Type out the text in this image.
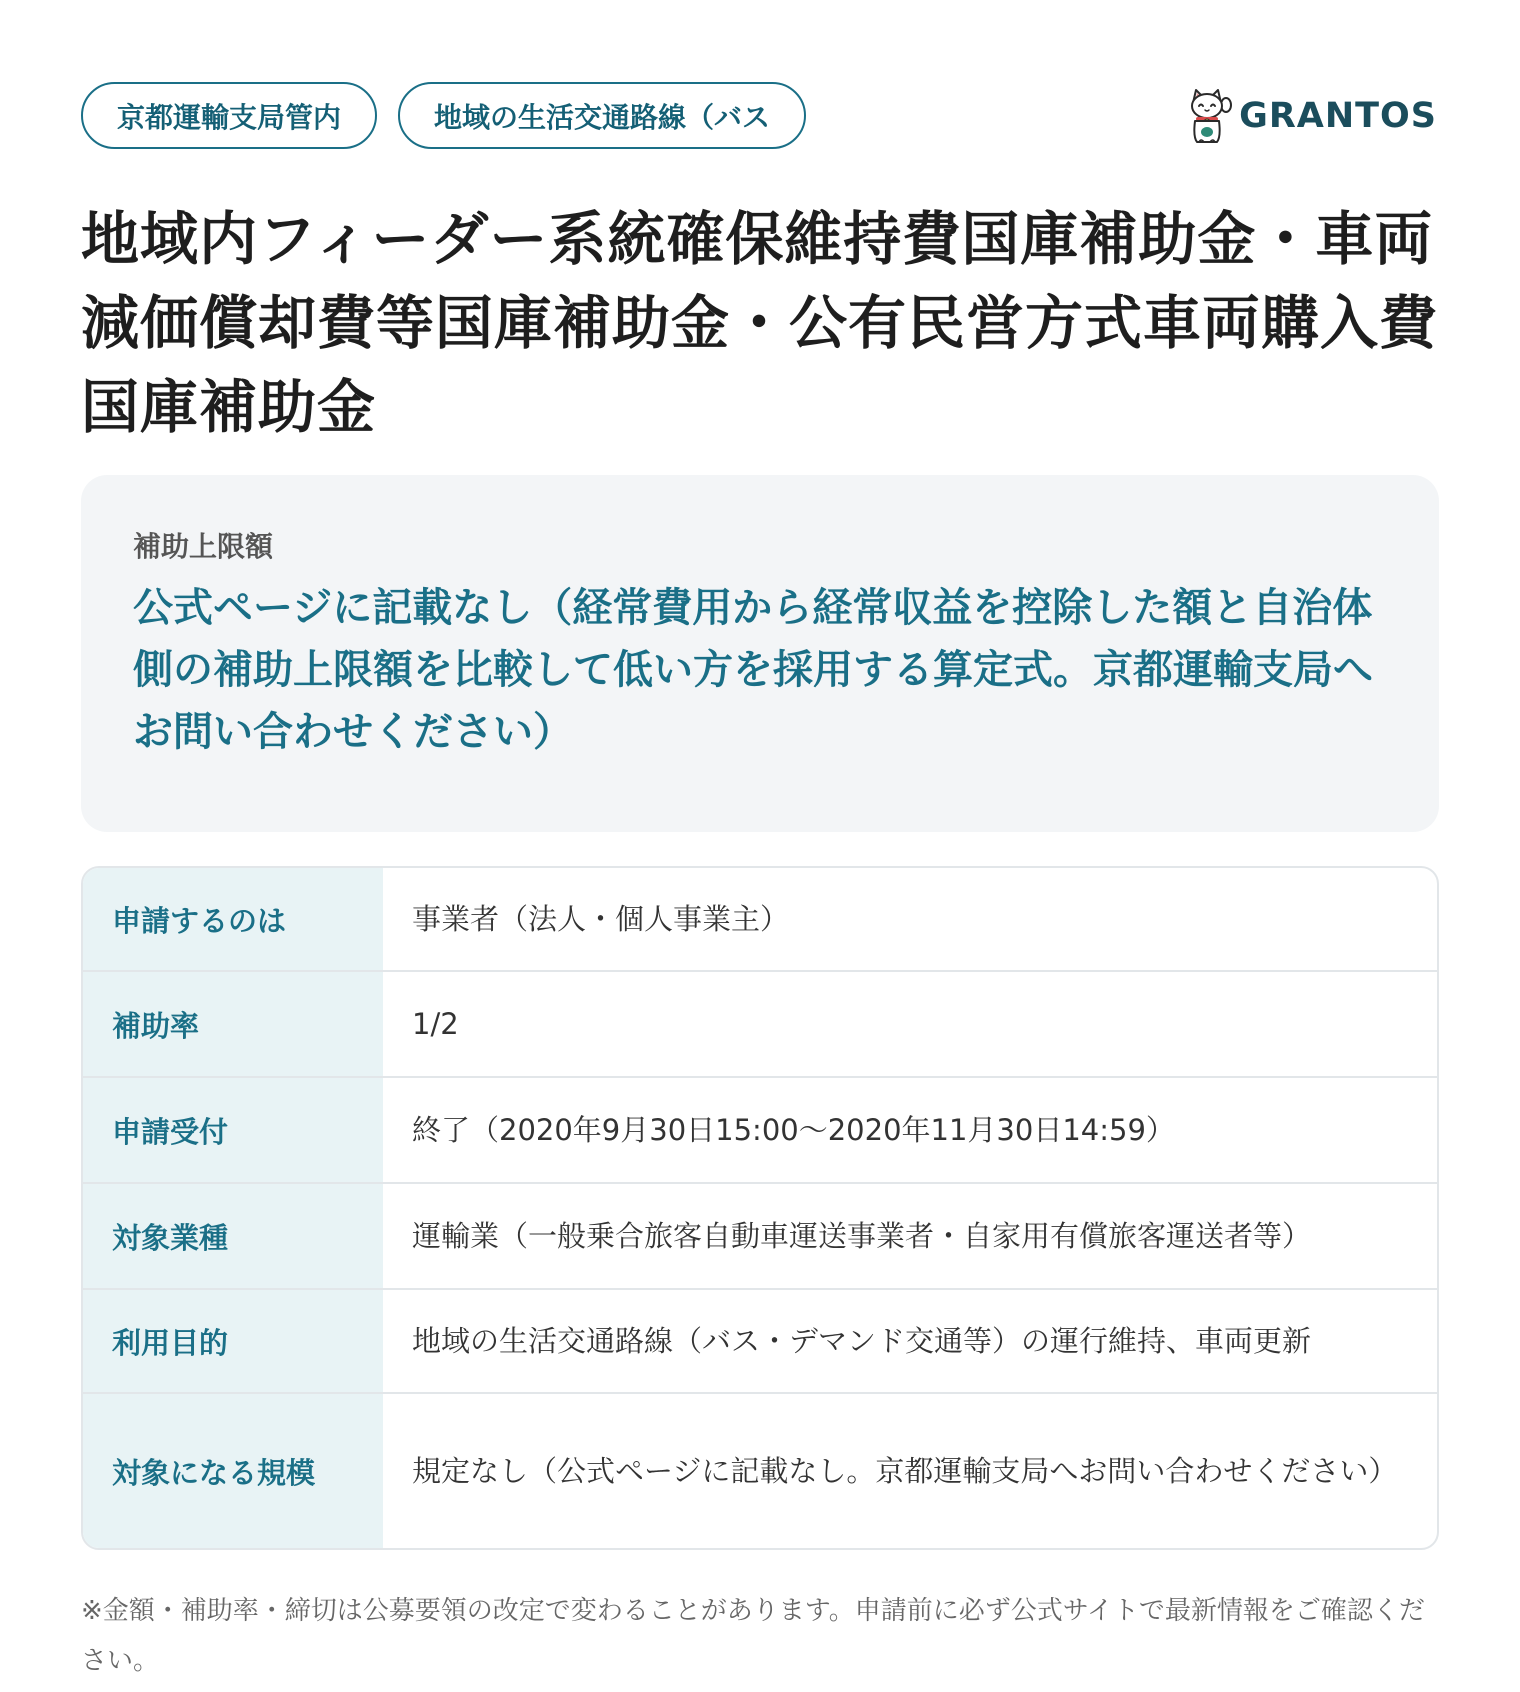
京都運輸支局管内	地域の生活交通路線（バス	GRANTOS
地域内フィーダー系統確保維持費国庫補助金・車両減価償却費等国庫補助金・公有民営方式車両購入費国庫補助金
補助上限額
公式ページに記載なし（経常費用から経常収益を控除した額と自治体側の補助上限額を比較して低い方を採用する算定式。京都運輸支局へお問い合わせください）
申請するのは	事業者（法人・個人事業主）
補助率	1/2
申請受付	終了（2020年9月30日15:00〜2020年11月30日14:59）
対象業種	運輸業（一般乗合旅客自動車運送事業者・自家用有償旅客運送者等）
利用目的	地域の生活交通路線（バス・デマンド交通等）の運行維持、車両更新
対象になる規模	規定なし（公式ページに記載なし。京都運輸支局へお問い合わせください）
※金額・補助率・締切は公募要領の改定で変わることがあります。申請前に必ず公式サイトで最新情報をご確認ください。
